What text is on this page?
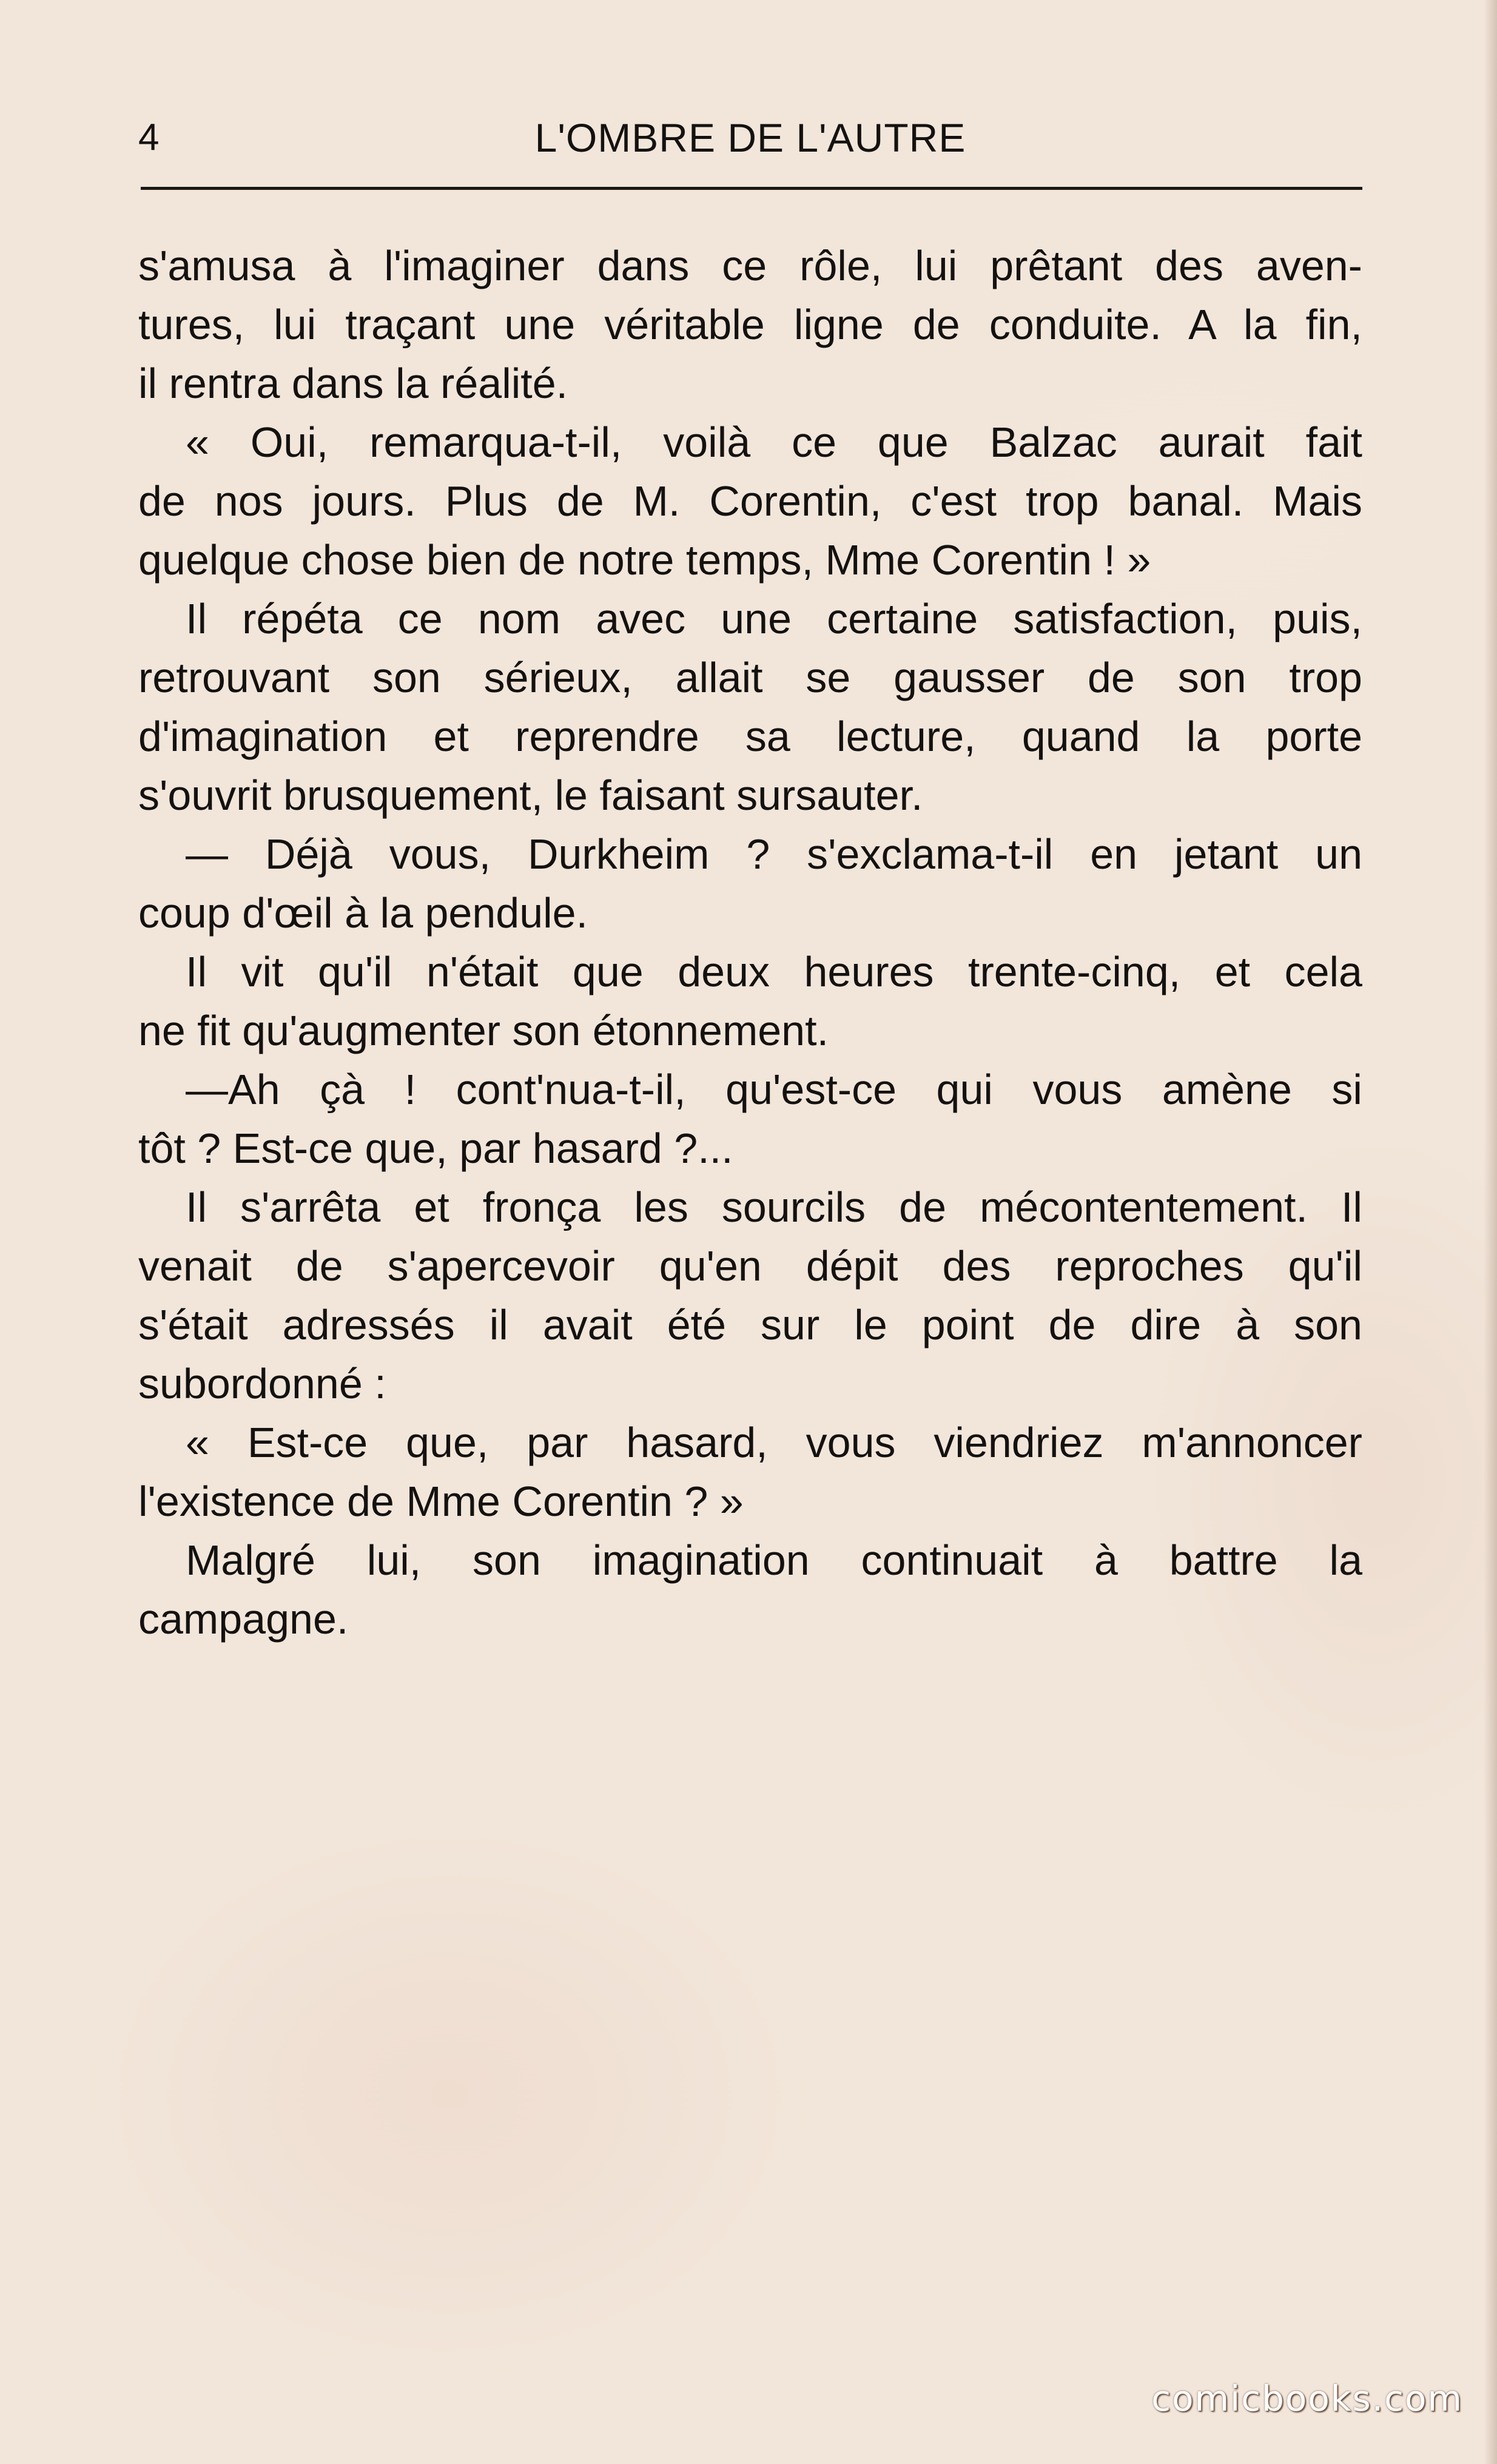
4	L'OMBRE DE L'AUTRE

s'amusa à l'imaginer dans ce rôle, lui prêtant des aven-

tures, lui traçant une véritable ligne de conduite. A la fin,

il rentra dans la réalité.

« Oui, remarqua-t-il, voilà ce que Balzac aurait fait

de nos jours. Plus de M. Corentin, c'est trop banal. Mais

quelque chose bien de notre temps, Mme Corentin ! »

Il répéta ce nom avec une certaine satisfaction, puis,

retrouvant son sérieux, allait se gausser de son trop

d'imagination et reprendre sa lecture, quand la porte

s'ouvrit brusquement, le faisant sursauter.

— Déjà vous, Durkheim ? s'exclama-t-il en jetant un

coup d'œil à la pendule.

Il vit qu'il n'était que deux heures trente-cinq, et cela

ne fit qu'augmenter son étonnement.

—Ah çà ! cont'nua-t-il, qu'est-ce qui vous amène si

tôt ? Est-ce que, par hasard ?...

Il s'arrêta et fronça les sourcils de mécontentement. Il

venait de s'apercevoir qu'en dépit des reproches qu'il

s'était adressés il avait été sur le point de dire à son

subordonné :

« Est-ce que, par hasard, vous viendriez m'annoncer

l'existence de Mme Corentin ? »

Malgré lui, son imagination continuait à battre la

campagne.

comicbooks.com
